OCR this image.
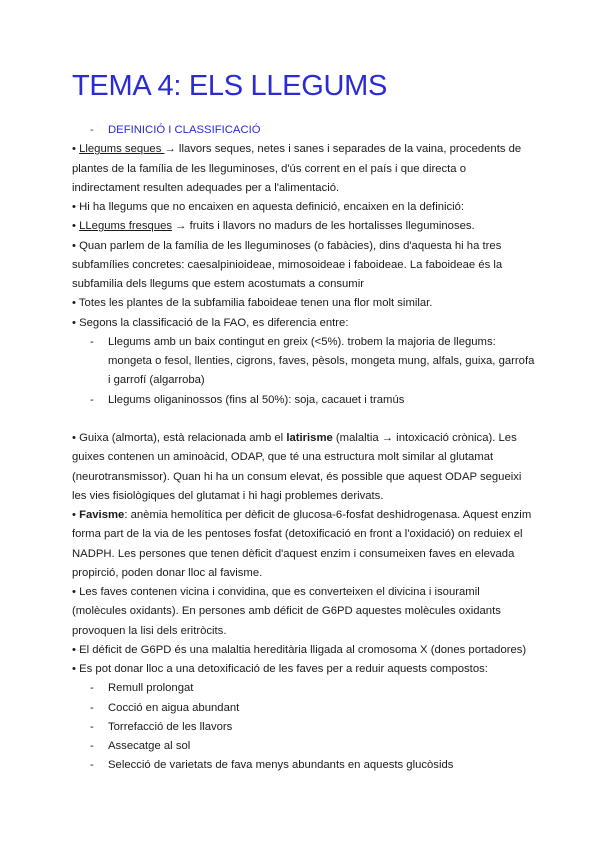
TEMA 4: ELS LLEGUMS
- DEFINICIÓ I CLASSIFICACIÓ
• Llegums seques → llavors seques, netes i sanes i separades de la vaina, procedents de
plantes de la família de les lleguminoses, d'ús corrent en el país i que directa o
indirectament resulten adequades per a l'alimentació.
• Hi ha llegums que no encaixen en aquesta definició, encaixen en la definició:
• LLegums fresques → fruits i llavors no madurs de les hortalisses lleguminoses.
• Quan parlem de la família de les lleguminoses (o fabàcies), dins d'aquesta hi ha tres
subfamílies concretes: caesalpinioideae, mimosoideae i faboideae. La faboideae és la
subfamilia dels llegums que estem acostumats a consumir
• Totes les plantes de la subfamilia faboideae tenen una flor molt similar.
• Segons la classificació de la FAO, es diferencia entre:
- Llegums amb un baix contingut en greix (<5%). trobem la majoria de llegums:
mongeta o fesol, llenties, cigrons, faves, pèsols, mongeta mung, alfals, guixa, garrofa
i garrofí (algarroba)
- Llegums oliganinossos (fins al 50%): soja, cacauet i tramús
• Guixa (almorta), està relacionada amb el latirisme (malaltia → intoxicació crònica). Les
guixes contenen un aminoàcid, ODAP, que té una estructura molt similar al glutamat
(neurotransmissor). Quan hi ha un consum elevat, és possible que aquest ODAP segueixi
les vies fisiològiques del glutamat i hi hagi problemes derivats.
• Favisme: anèmia hemolítica per dèficit de glucosa-6-fosfat deshidrogenasa. Aquest enzim
forma part de la via de les pentoses fosfat (detoxificació en front a l'oxidació) on reduiex el
NADPH. Les persones que tenen dèficit d'aquest enzim i consumeixen faves en elevada
propirció, poden donar lloc al favisme.
• Les faves contenen vicina i convidina, que es converteixen el divicina i isouramil
(molècules oxidants). En persones amb déficit de G6PD aquestes molècules oxidants
provoquen la lisi dels eritròcits.
• El déficit de G6PD és una malaltia hereditària lligada al cromosoma X (dones portadores)
• Es pot donar lloc a una detoxificació de les faves per a reduir aquests compostos:
- Remull prolongat
- Cocció en aigua abundant
- Torrefacció de les llavors
- Assecatge al sol
- Selecció de varietats de fava menys abundants en aquests glucòsids
